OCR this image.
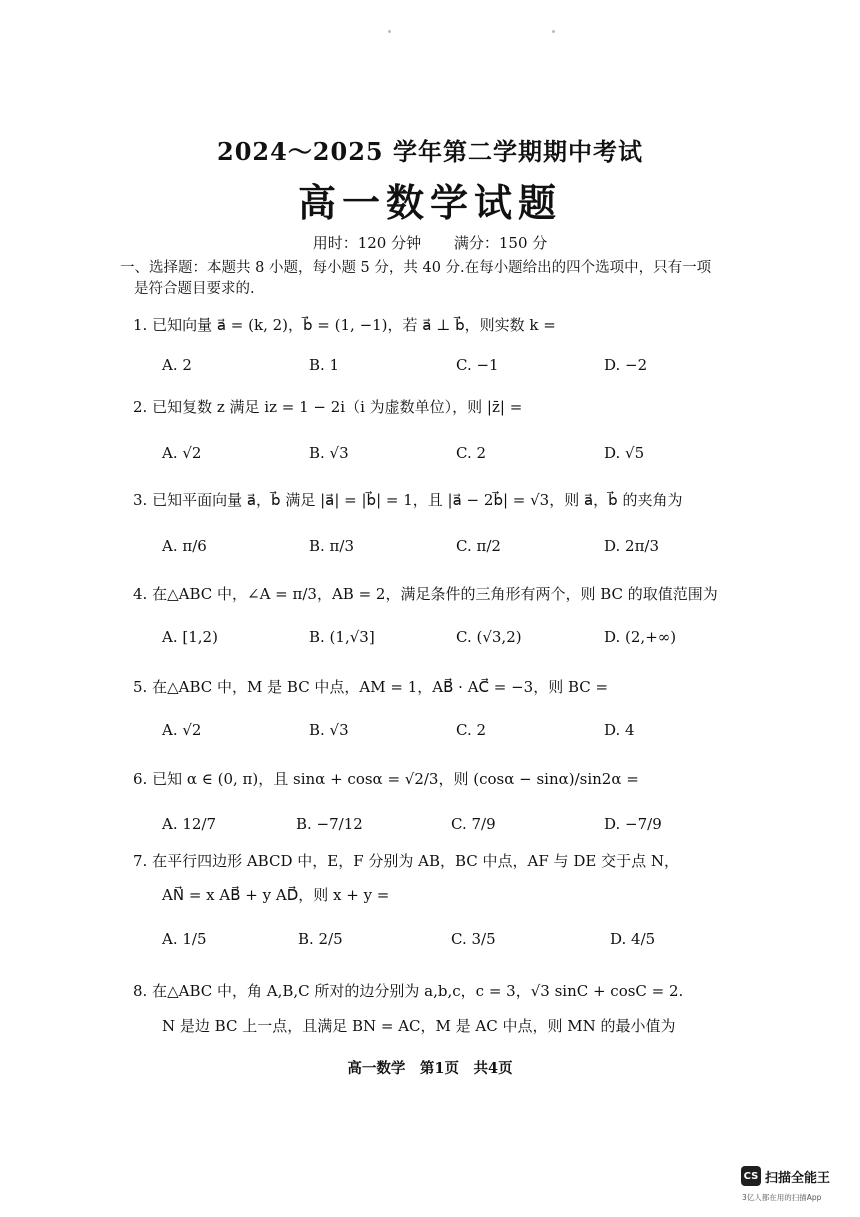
2024～2025 学年第二学期期中考试
高一数学试题
用时：120 分钟 满分：150 分
一、选择题：本题共 8 小题，每小题 5 分，共 40 分.在每小题给出的四个选项中，只有一项
是符合题目要求的.
1. 已知向量 a⃗ = (k, 2)，b⃗ = (1, −1)，若 a⃗ ⊥ b⃗，则实数 k =
A. 2	B. 1	C. −1	D. −2
2. 已知复数 z 满足 iz = 1 − 2i（i 为虚数单位），则 |z̄| =
A. √2	B. √3	C. 2	D. √5
3. 已知平面向量 a⃗，b⃗ 满足 |a⃗| = |b⃗| = 1，且 |a⃗ − 2b⃗| = √3，则 a⃗，b⃗ 的夹角为
A. π/6	B. π/3	C. π/2	D. 2π/3
4. 在△ABC 中，∠A = π/3，AB = 2，满足条件的三角形有两个，则 BC 的取值范围为
A. [1,2)	B. (1,√3]	C. (√3,2)	D. (2,+∞)
5. 在△ABC 中，M 是 BC 中点，AM = 1，AB⃗ · AC⃗ = −3，则 BC =
A. √2	B. √3	C. 2	D. 4
6. 已知 α ∈ (0, π)，且 sinα + cosα = √2/3，则 (cosα − sinα)/sin2α =
A. 12/7	B. −7/12	C. 7/9	D. −7/9
7. 在平行四边形 ABCD 中，E，F 分别为 AB，BC 中点，AF 与 DE 交于点 N，
AN⃗ = x AB⃗ + y AD⃗，则 x + y =
A. 1/5	B. 2/5	C. 3/5	D. 4/5
8. 在△ABC 中，角 A,B,C 所对的边分别为 a,b,c，c = 3，√3 sinC + cosC = 2.
N 是边 BC 上一点，且满足 BN = AC，M 是 AC 中点，则 MN 的最小值为
高一数学　第1页　共4页
CS 扫描全能王
3亿人都在用的扫描App
